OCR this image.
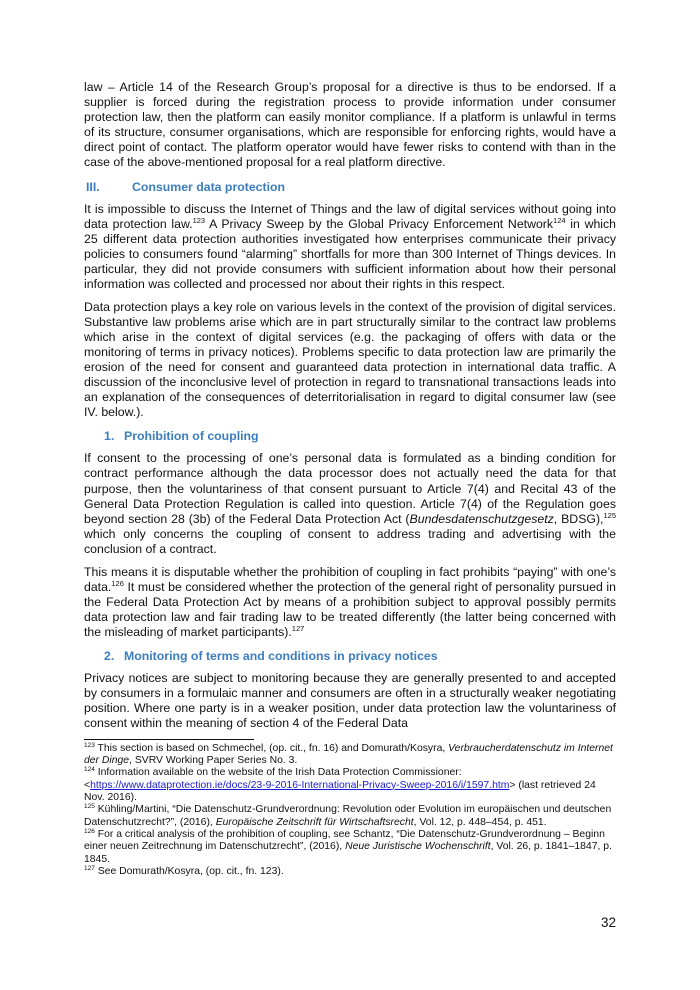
law – Article 14 of the Research Group’s proposal for a directive is thus to be endorsed. If a supplier is forced during the registration process to provide information under consumer protection law, then the platform can easily monitor compliance. If a platform is unlawful in terms of its structure, consumer organisations, which are responsible for enforcing rights, would have a direct point of contact. The platform operator would have fewer risks to contend with than in the case of the above-mentioned proposal for a real platform directive.

III.	Consumer data protection

It is impossible to discuss the Internet of Things and the law of digital services without going into data protection law.$^{123}$ A Privacy Sweep by the Global Privacy Enforcement Network$^{124}$ in which 25 different data protection authorities investigated how enterprises communicate their privacy policies to consumers found “alarming” shortfalls for more than 300 Internet of Things devices. In particular, they did not provide consumers with sufficient information about how their personal information was collected and processed nor about their rights in this respect.

Data protection plays a key role on various levels in the context of the provision of digital services. Substantive law problems arise which are in part structurally similar to the contract law problems which arise in the context of digital services (e.g. the packaging of offers with data or the monitoring of terms in privacy notices). Problems specific to data protection law are primarily the erosion of the need for consent and guaranteed data protection in international data traffic. A discussion of the inconclusive level of protection in regard to transnational transactions leads into an explanation of the consequences of deterritorialisation in regard to digital consumer law (see IV. below.).

1. Prohibition of coupling

If consent to the processing of one’s personal data is formulated as a binding condition for contract performance although the data processor does not actually need the data for that purpose, then the voluntariness of that consent pursuant to Article 7(4) and Recital 43 of the General Data Protection Regulation is called into question. Article 7(4) of the Regulation goes beyond section 28 (3b) of the Federal Data Protection Act (Bundesdatenschutzgesetz, BDSG),$^{125}$ which only concerns the coupling of consent to address trading and advertising with the conclusion of a contract.

This means it is disputable whether the prohibition of coupling in fact prohibits “paying” with one’s data.$^{126}$ It must be considered whether the protection of the general right of personality pursued in the Federal Data Protection Act by means of a prohibition subject to approval possibly permits data protection law and fair trading law to be treated differently (the latter being concerned with the misleading of market participants).$^{127}$

2. Monitoring of terms and conditions in privacy notices

Privacy notices are subject to monitoring because they are generally presented to and accepted by consumers in a formulaic manner and consumers are often in a structurally weaker negotiating position. Where one party is in a weaker position, under data protection law the voluntariness of consent within the meaning of section 4 of the Federal Data

$^{123}$ This section is based on Schmechel, (op. cit., fn. 16) and Domurath/Kosyra, Verbraucherdatenschutz im Internet der Dinge, SVRV Working Paper Series No. 3.
$^{124}$ Information available on the website of the Irish Data Protection Commissioner: <https://www.dataprotection.ie/docs/23-9-2016-International-Privacy-Sweep-2016/i/1597.htm> (last retrieved 24 Nov. 2016).
$^{125}$ Kühling/Martini, “Die Datenschutz-Grundverordnung: Revolution oder Evolution im europäischen und deutschen Datenschutzrecht?”, (2016), Europäische Zeitschrift für Wirtschaftsrecht, Vol. 12, p. 448–454, p. 451.
$^{126}$ For a critical analysis of the prohibition of coupling, see Schantz, “Die Datenschutz-Grundverordnung – Beginn einer neuen Zeitrechnung im Datenschutzrecht”, (2016), Neue Juristische Wochenschrift, Vol. 26, p. 1841–1847, p. 1845.
$^{127}$ See Domurath/Kosyra, (op. cit., fn. 123).
32
